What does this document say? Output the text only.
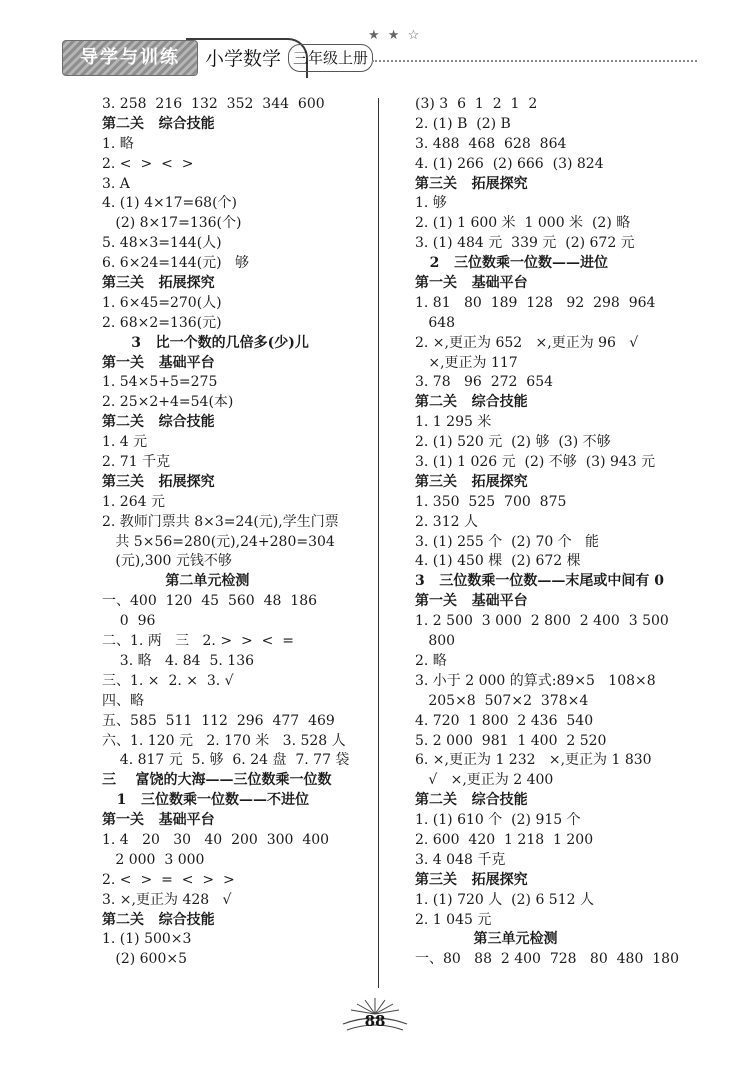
导学与训练	小学数学 三年级上册
★ ★ ☆
3. 258  216  132  352  344  600
第二关   综合技能
1. 略
2. <  >  <  >
3. A
4. (1) 4×17=68(个)
(2) 8×17=136(个)
5. 48×3=144(人)
6. 6×24=144(元)   够
第三关   拓展探究
1. 6×45=270(人)
2. 68×2=136(元)
3   比一个数的几倍多(少)儿
第一关   基础平台
1. 54×5+5=275
2. 25×2+4=54(本)
第二关   综合技能
1. 4 元
2. 71 千克
第三关   拓展探究
1. 264 元
2. 教师门票共 8×3=24(元),学生门票
共 5×56=280(元),24+280=304
(元),300 元钱不够
第二单元检测
一、400  120  45  560  48  186
0  96
二、1. 两   三   2. >  >  <  =
3. 略   4. 84  5. 136
三、1. ×  2. ×  3. √
四、略
五、585  511  112  296  477  469
六、1. 120 元   2. 170 米   3. 528 人
4. 817 元  5. 够  6. 24 盘  7. 77 袋
三    富饶的大海——三位数乘一位数
1   三位数乘一位数——不进位
第一关   基础平台
1. 4   20   30   40  200  300  400
2 000  3 000
2. <  >  =  <  >  >
3. ×,更正为 428   √
第二关   综合技能
1. (1) 500×3
(2) 600×5
(3) 3  6  1  2  1  2
2. (1) B  (2) B
3. 488  468  628  864
4. (1) 266  (2) 666  (3) 824
第三关   拓展探究
1. 够
2. (1) 1 600 米  1 000 米  (2) 略
3. (1) 484 元  339 元  (2) 672 元
2   三位数乘一位数——进位
第一关   基础平台
1. 81   80  189  128   92  298  964
648
2. ×,更正为 652   ×,更正为 96   √
×,更正为 117
3. 78   96  272  654
第二关   综合技能
1. 1 295 米
2. (1) 520 元  (2) 够  (3) 不够
3. (1) 1 026 元  (2) 不够  (3) 943 元
第三关   拓展探究
1. 350  525  700  875
2. 312 人
3. (1) 255 个  (2) 70 个   能
4. (1) 450 棵  (2) 672 棵
3   三位数乘一位数——末尾或中间有 0
第一关   基础平台
1. 2 500  3 000  2 800  2 400  3 500
800
2. 略
3. 小于 2 000 的算式:89×5   108×8
205×8  507×2  378×4
4. 720  1 800  2 436  540
5. 2 000  981  1 400  2 520
6. ×,更正为 1 232   ×,更正为 1 830
√   ×,更正为 2 400
第二关   综合技能
1. (1) 610 个  (2) 915 个
2. 600  420  1 218  1 200
3. 4 048 千克
第三关   拓展探究
1. (1) 720 人  (2) 6 512 人
2. 1 045 元
第三单元检测
一、80   88  2 400  728   80  480  180
88
